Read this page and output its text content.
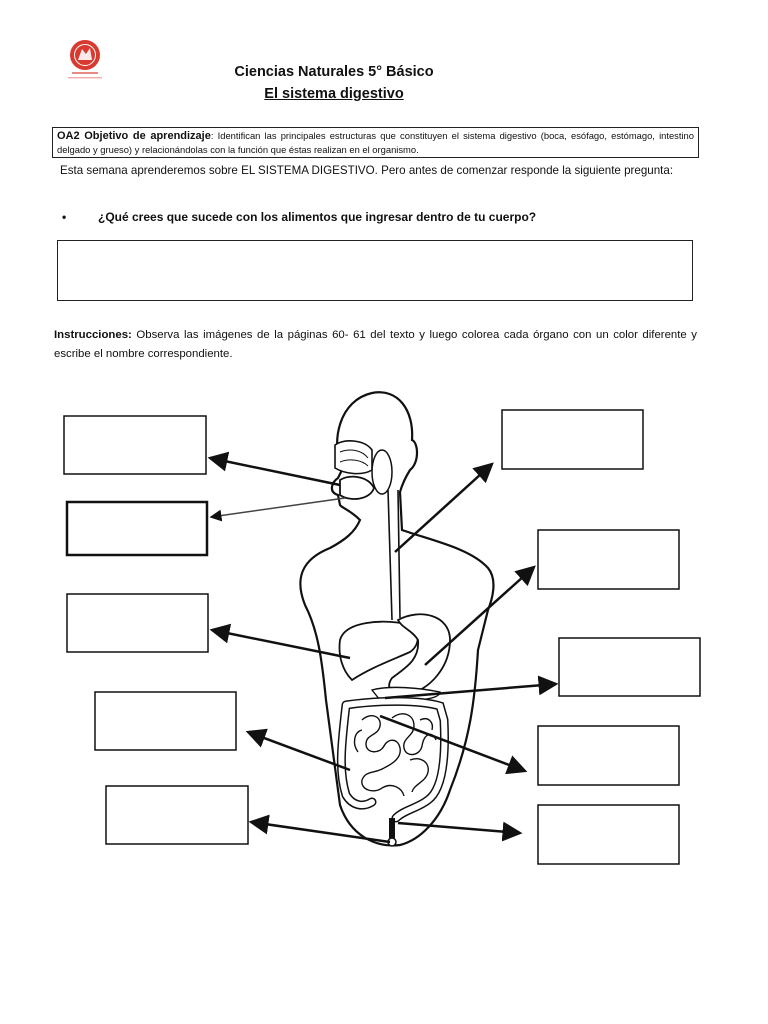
Ciencias Naturales 5° Básico
El sistema digestivo
OA2 Objetivo de aprendizaje: Identifican las principales estructuras que constituyen el sistema digestivo (boca, esófago, estómago, intestino delgado y grueso) y relacionándolas con la función que éstas realizan en el organismo.
Esta semana aprenderemos sobre EL SISTEMA DIGESTIVO. Pero antes de comenzar responde la siguiente pregunta:
•	¿Qué crees que sucede con los alimentos que ingresar dentro de tu cuerpo?
Instrucciones: Observa las imágenes de la páginas 60- 61 del texto y luego colorea cada órgano con un color diferente y escribe el nombre correspondiente.
